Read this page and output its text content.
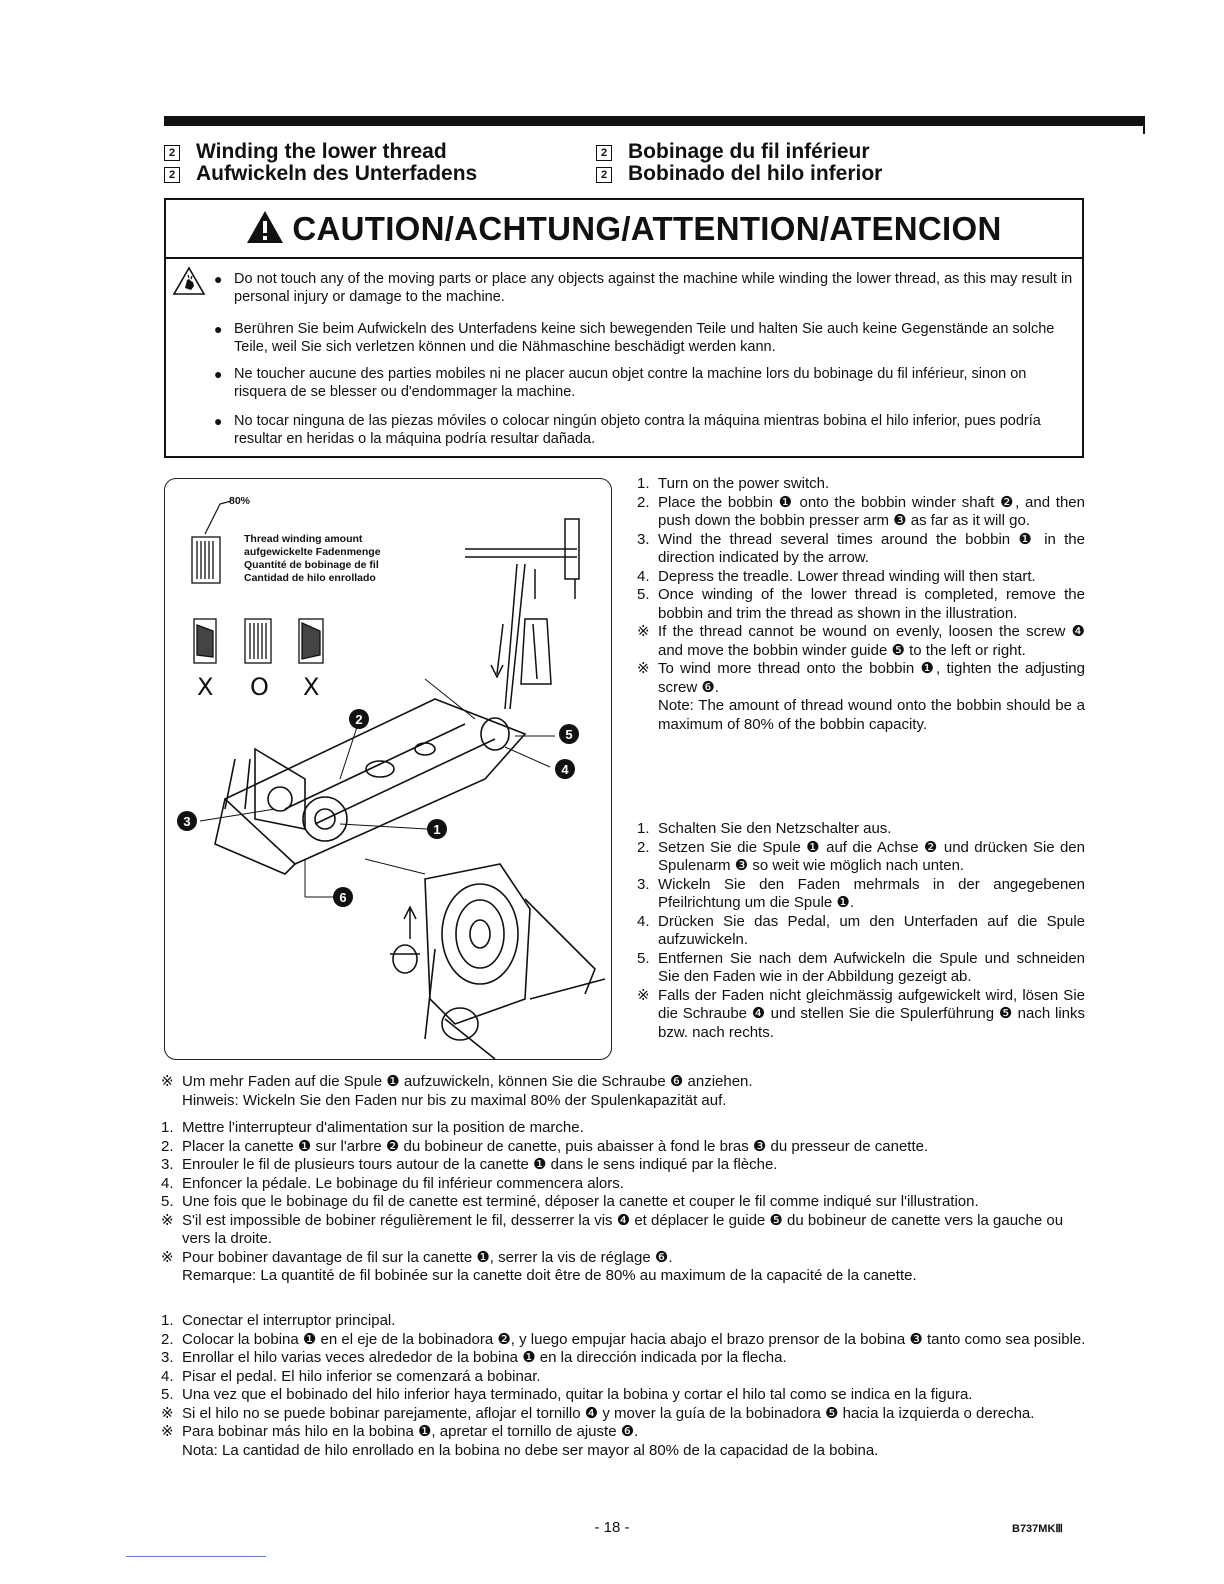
2 Winding the lower thread
2 Aufwickeln des Unterfadens
2 Bobinage du fil inférieur
2 Bobinado del hilo inferior
CAUTION/ACHTUNG/ATTENTION/ATENCION
● Do not touch any of the moving parts or place any objects against the machine while winding the lower thread, as this may result in personal injury or damage to the machine.
● Berühren Sie beim Aufwickeln des Unterfadens keine sich bewegenden Teile und halten Sie auch keine Gegenstände an solche Teile, weil Sie sich verletzen können und die Nähmaschine beschädigt werden kann.
● Ne toucher aucune des parties mobiles ni ne placer aucun objet contre la machine lors du bobinage du fil inférieur, sinon on risquera de se blesser ou d'endommager la machine.
● No tocar ninguna de las piezas móviles o colocar ningún objeto contra la máquina mientras bobina el hilo inferior, pues podría resultar en heridas o la máquina podría resultar dañada.
2
5
4
3
1
6
80%
Thread winding amount
aufgewickelte Fadenmenge
Quantité de bobinage de fil
Cantidad de hilo enrollado
X O X
1. Turn on the power switch.
2. Place the bobbin ❶ onto the bobbin winder shaft ❷, and then push down the bobbin presser arm ❸ as far as it will go.
3. Wind the thread several times around the bobbin ❶ in the direction indicated by the arrow.
4. Depress the treadle. Lower thread winding will then start.
5. Once winding of the lower thread is completed, remove the bobbin and trim the thread as shown in the illustration.
※ If the thread cannot be wound on evenly, loosen the screw ❹ and move the bobbin winder guide ❺ to the left or right.
※ To wind more thread onto the bobbin ❶, tighten the adjusting screw ❻.
Note: The amount of thread wound onto the bobbin should be a maximum of 80% of the bobbin capacity.
1. Schalten Sie den Netzschalter aus.
2. Setzen Sie die Spule ❶ auf die Achse ❷ und drücken Sie den Spulenarm ❸ so weit wie möglich nach unten.
3. Wickeln Sie den Faden mehrmals in der angegebenen Pfeilrichtung um die Spule ❶.
4. Drücken Sie das Pedal, um den Unterfaden auf die Spule aufzuwickeln.
5. Entfernen Sie nach dem Aufwickeln die Spule und schneiden Sie den Faden wie in der Abbildung gezeigt ab.
※ Falls der Faden nicht gleichmässig aufgewickelt wird, lösen Sie die Schraube ❹ und stellen Sie die Spulerführung ❺ nach links bzw. nach rechts.
※ Um mehr Faden auf die Spule ❶ aufzuwickeln, können Sie die Schraube ❻ anziehen.
Hinweis: Wickeln Sie den Faden nur bis zu maximal 80% der Spulenkapazität auf.
1. Mettre l'interrupteur d'alimentation sur la position de marche.
2. Placer la canette ❶ sur l'arbre ❷ du bobineur de canette, puis abaisser à fond le bras ❸ du presseur de canette.
3. Enrouler le fil de plusieurs tours autour de la canette ❶ dans le sens indiqué par la flèche.
4. Enfoncer la pédale. Le bobinage du fil inférieur commencera alors.
5. Une fois que le bobinage du fil de canette est terminé, déposer la canette et couper le fil comme indiqué sur l'illustration.
※ S'il est impossible de bobiner régulièrement le fil, desserrer la vis ❹ et déplacer le guide ❺ du bobineur de canette vers la gauche ou vers la droite.
※ Pour bobiner davantage de fil sur la canette ❶, serrer la vis de réglage ❻.
Remarque: La quantité de fil bobinée sur la canette doit être de 80% au maximum de la capacité de la canette.
1. Conectar el interruptor principal.
2. Colocar la bobina ❶ en el eje de la bobinadora ❷, y luego empujar hacia abajo el brazo prensor de la bobina ❸ tanto como sea posible.
3. Enrollar el hilo varias veces alrededor de la bobina ❶ en la dirección indicada por la flecha.
4. Pisar el pedal. El hilo inferior se comenzará a bobinar.
5. Una vez que el bobinado del hilo inferior haya terminado, quitar la bobina y cortar el hilo tal como se indica en la figura.
※ Si el hilo no se puede bobinar parejamente, aflojar el tornillo ❹ y mover la guía de la bobinadora ❺ hacia la izquierda o derecha.
※ Para bobinar más hilo en la bobina ❶, apretar el tornillo de ajuste ❻.
Nota: La cantidad de hilo enrollado en la bobina no debe ser mayor al 80% de la capacidad de la bobina.
- 18 -	B737MKⅢ
